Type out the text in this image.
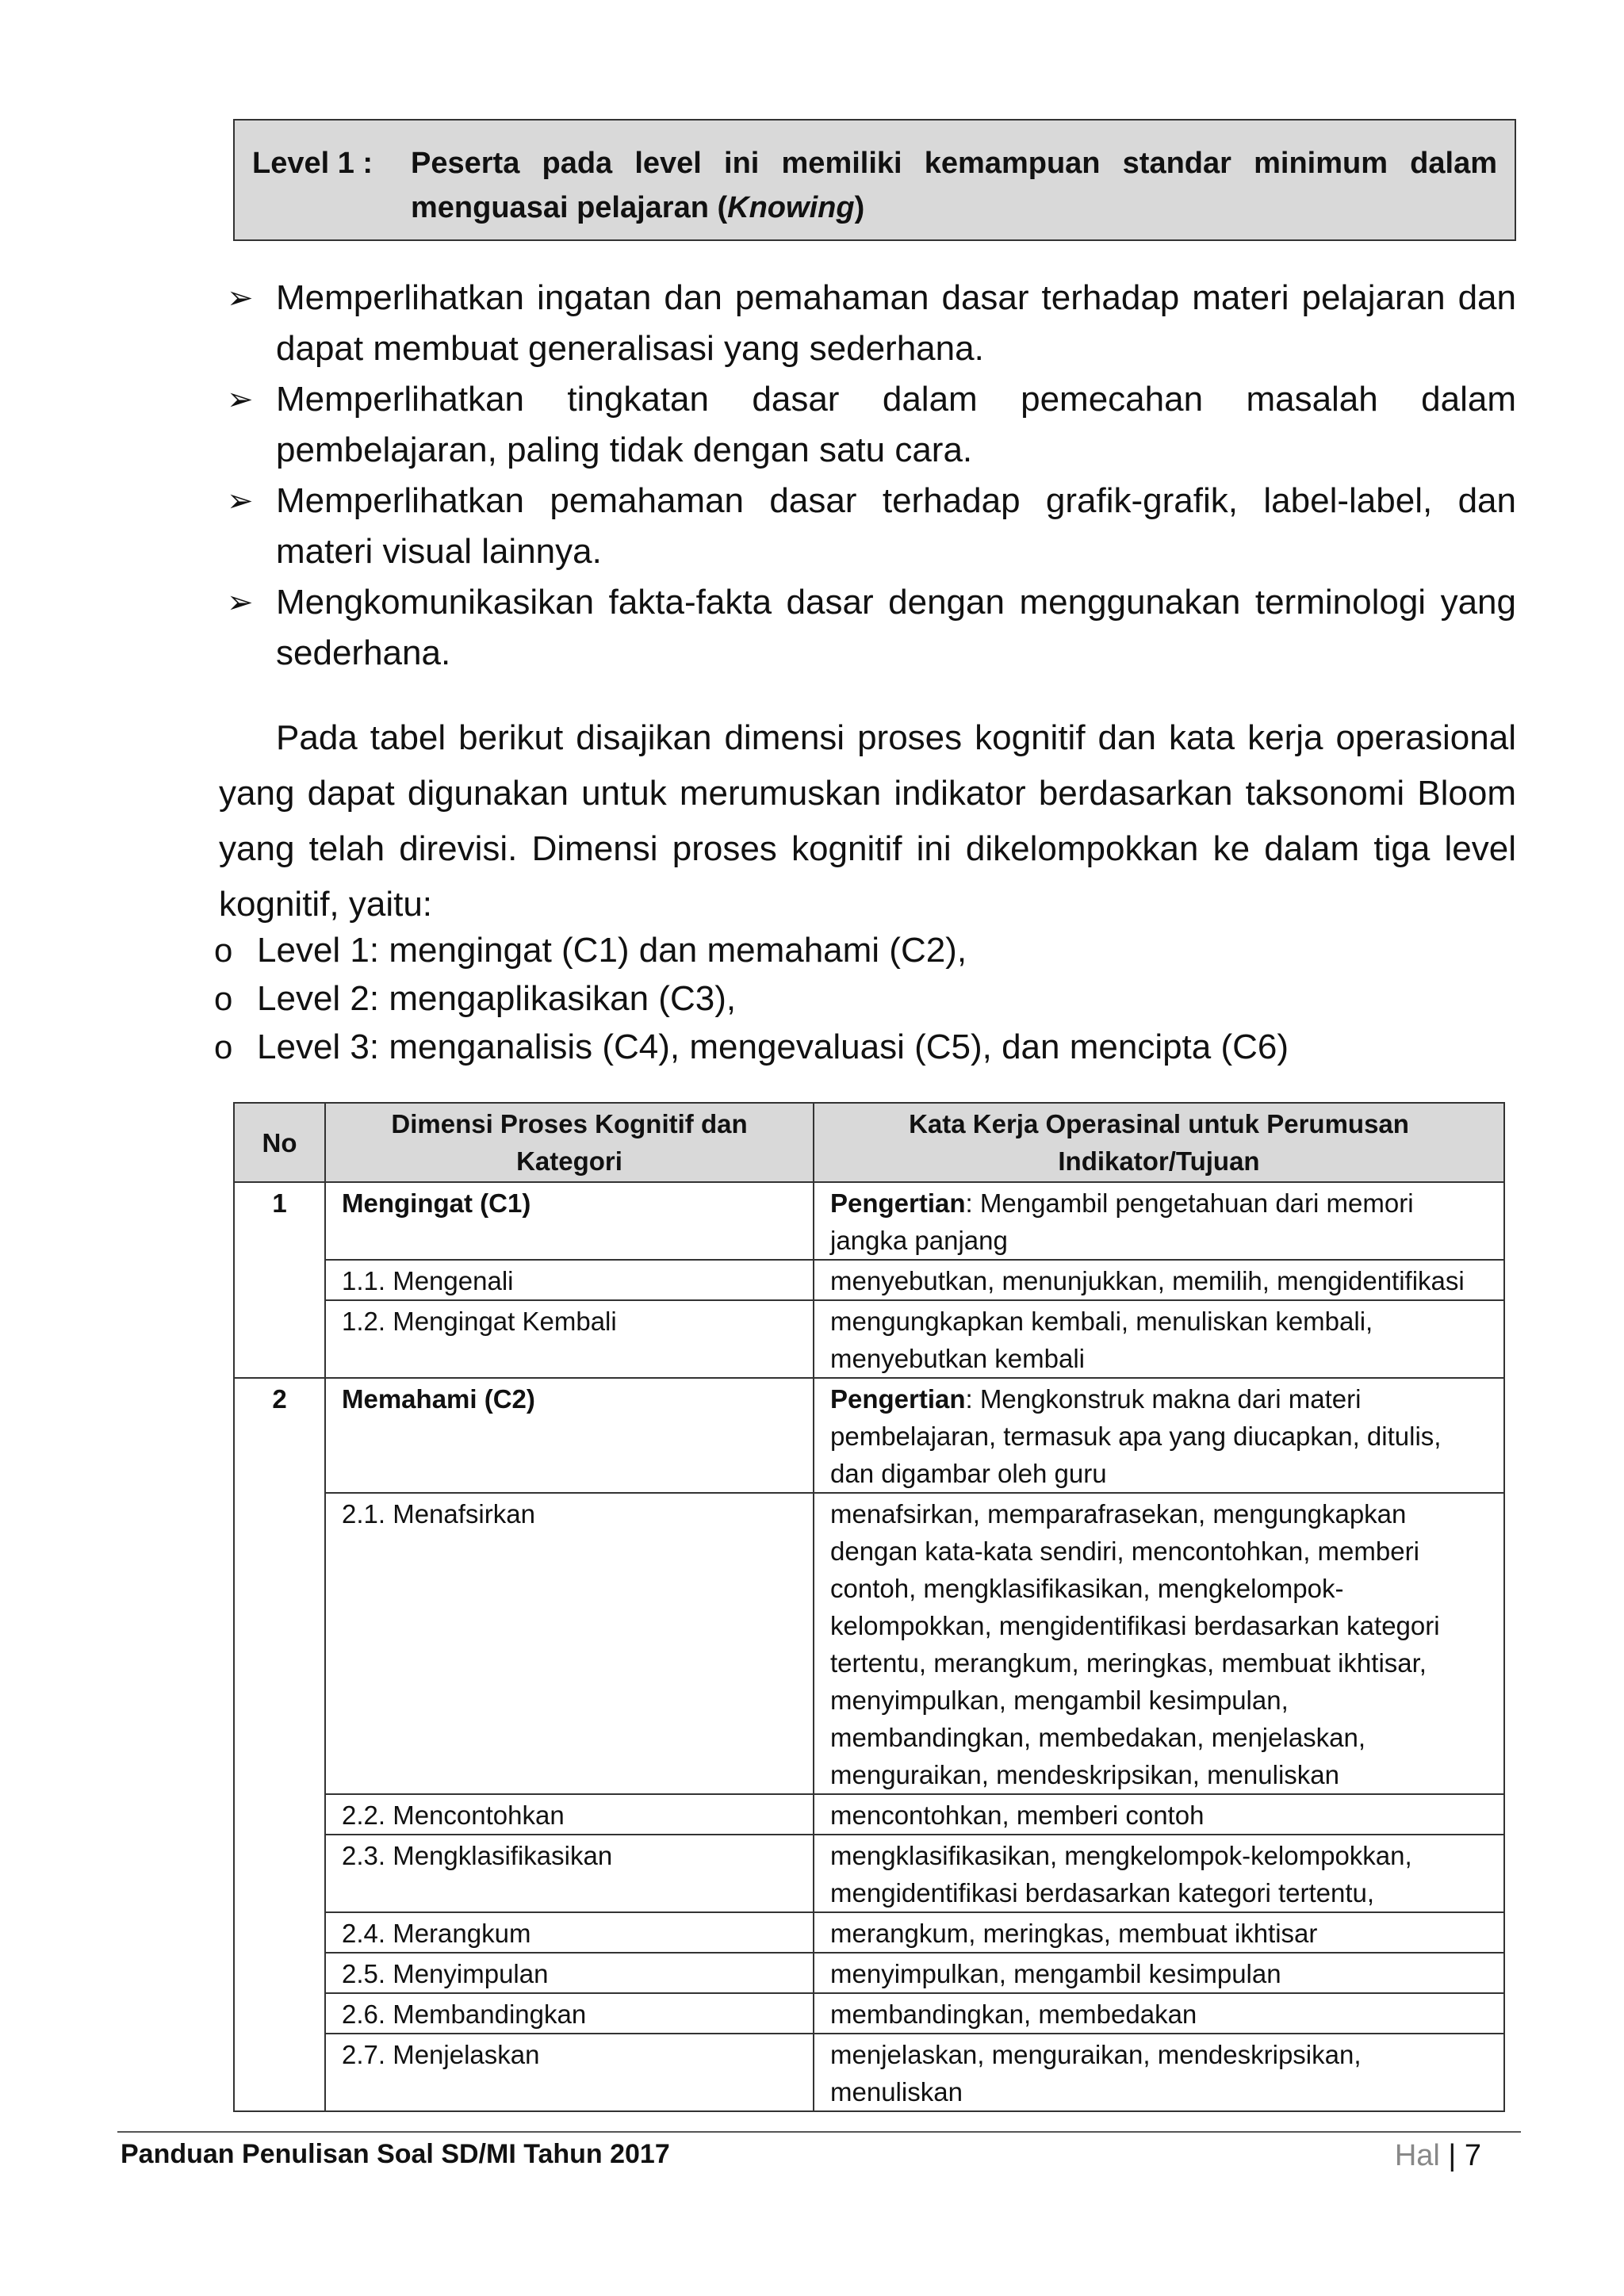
Level 1 :	Peserta pada level ini memiliki kemampuan standar minimum dalam menguasai pelajaran (Knowing)
➢ Memperlihatkan ingatan dan pemahaman dasar terhadap materi pelajaran dan dapat membuat generalisasi yang sederhana.
➢ Memperlihatkan tingkatan dasar dalam pemecahan masalah dalam pembelajaran, paling tidak dengan satu cara.
➢ Memperlihatkan pemahaman dasar terhadap grafik-grafik, label-label, dan materi visual lainnya.
➢ Mengkomunikasikan fakta-fakta dasar dengan menggunakan terminologi yang sederhana.

Pada tabel berikut disajikan dimensi proses kognitif dan kata kerja operasional yang dapat digunakan untuk merumuskan indikator berdasarkan taksonomi Bloom yang telah direvisi. Dimensi proses kognitif ini dikelompokkan ke dalam tiga level kognitif, yaitu:

o Level 1: mengingat (C1) dan memahami (C2),
o Level 2: mengaplikasikan (C3),
o Level 3: menganalisis (C4), mengevaluasi (C5), dan mencipta (C6)
No	Dimensi Proses Kognitif dan Kategori	Kata Kerja Operasinal untuk Perumusan Indikator/Tujuan
1	Mengingat (C1)	Pengertian: Mengambil pengetahuan dari memori jangka panjang
	1.1. Mengenali	menyebutkan, menunjukkan, memilih, mengidentifikasi
	1.2. Mengingat Kembali	mengungkapkan kembali, menuliskan kembali, menyebutkan kembali
2	Memahami (C2)	Pengertian: Mengkonstruk makna dari materi pembelajaran, termasuk apa yang diucapkan, ditulis, dan digambar oleh guru
	2.1. Menafsirkan	menafsirkan, memparafrasekan, mengungkapkan dengan kata-kata sendiri, mencontohkan, memberi contoh, mengklasifikasikan, mengkelompok-kelompokkan, mengidentifikasi berdasarkan kategori tertentu, merangkum, meringkas, membuat ikhtisar, menyimpulkan, mengambil kesimpulan, membandingkan, membedakan, menjelaskan, menguraikan, mendeskripsikan, menuliskan
	2.2. Mencontohkan	mencontohkan, memberi contoh
	2.3. Mengklasifikasikan	mengklasifikasikan, mengkelompok-kelompokkan, mengidentifikasi berdasarkan kategori tertentu,
	2.4. Merangkum	merangkum, meringkas, membuat ikhtisar
	2.5. Menyimpulan	menyimpulkan, mengambil kesimpulan
	2.6. Membandingkan	membandingkan, membedakan
	2.7. Menjelaskan	menjelaskan, menguraikan, mendeskripsikan, menuliskan
Panduan Penulisan Soal SD/MI Tahun 2017	Hal | 7
